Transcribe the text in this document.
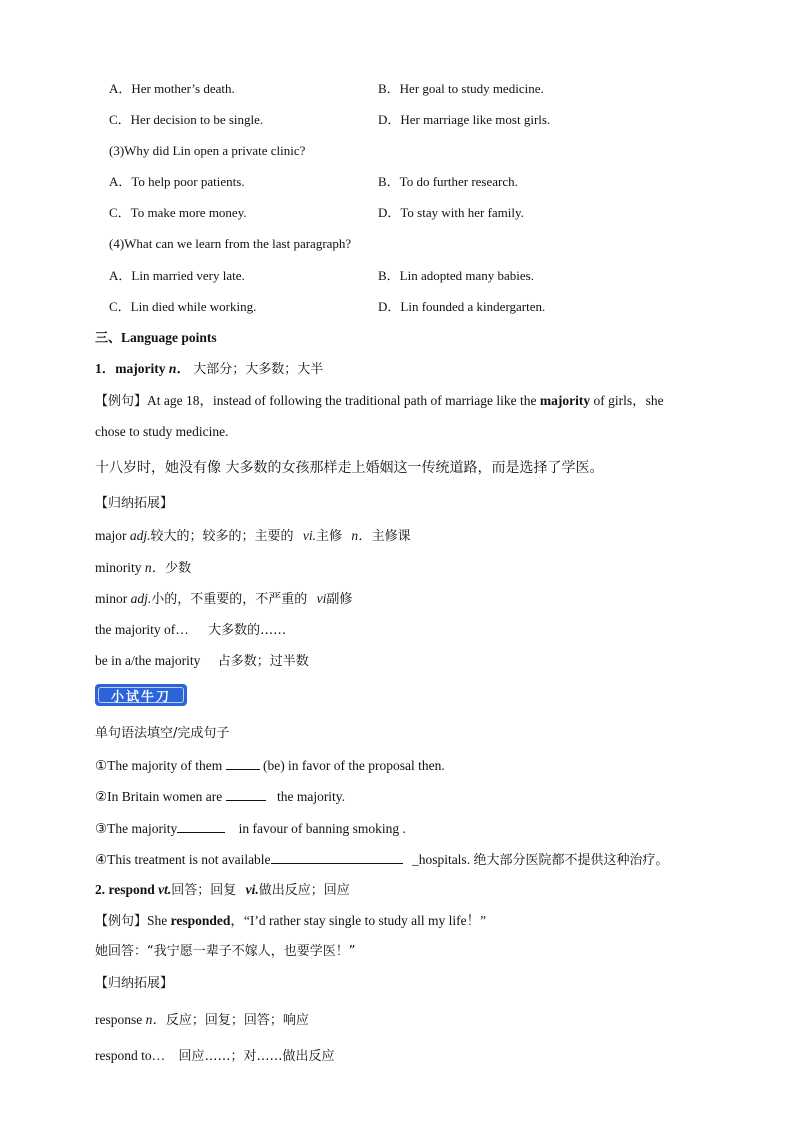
A．Her mother’s death.	B．Her goal to study medicine.
C．Her decision to be single.	D．Her marriage like most girls.
(3)Why did Lin open a private clinic?
A．To help poor patients.	B．To do further research.
C．To make more money.	D．To stay with her family.
(4)What can we learn from the last paragraph?
A．Lin married very late.	B．Lin adopted many babies.
C．Lin died while working.	D．Lin founded a kindergarten.
三、Language points
1．majority n． 大部分；大多数；大半
【例句】At age 18，instead of following the traditional path of marriage like the majority of girls，she
chose to study medicine.
十八岁时，她没有像 大多数的女孩那样走上婚姻这一传统道路，而是选择了学医。
【归纳拓展】
major adj.较大的；较多的；主要的 vi.主修 n．主修课
minority n．少数
minor adj.小的，不重要的，不严重的 vi副修
the majority of… 大多数的……
be in a/the majority 占多数；过半数
小试牛刀
单句语法填空/完成句子
①The majority of them	(be) in favor of the proposal then.
②In Britain women are	the majority.
③The majority	in favour of banning smoking .
④This treatment is not available	_hospitals. 绝大部分医院都不提供这种治疗。
2. respond vt.回答；回复 vi.做出反应；回应
【例句】She responded，“I’d rather stay single to study all my life！”
她回答：“我宁愿一辈子不嫁人，也要学医！”
【归纳拓展】
response n．反应；回复；回答；响应
respond to… 回应……；对……做出反应
